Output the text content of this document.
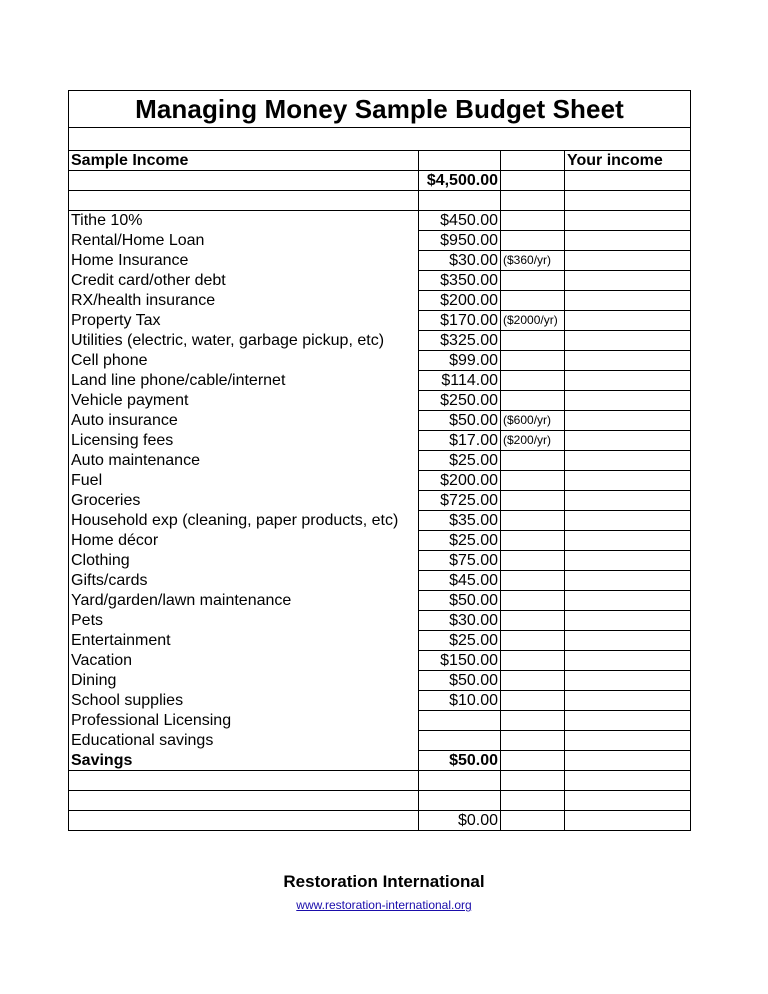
Managing Money Sample Budget Sheet
Sample Income			Your income
	$4,500.00		

Tithe 10%	$450.00		
Rental/Home Loan	$950.00		
Home Insurance	$30.00	($360/yr)	
Credit card/other debt	$350.00		
RX/health insurance	$200.00		
Property Tax	$170.00	($2000/yr)	
Utilities (electric, water, garbage pickup, etc)	$325.00		
Cell phone	$99.00		
Land line phone/cable/internet	$114.00		
Vehicle payment	$250.00		
Auto insurance	$50.00	($600/yr)	
Licensing fees	$17.00	($200/yr)	
Auto maintenance	$25.00		
Fuel	$200.00		
Groceries	$725.00		
Household exp (cleaning, paper products, etc)	$35.00		
Home décor	$25.00		
Clothing	$75.00		
Gifts/cards	$45.00		
Yard/garden/lawn maintenance	$50.00		
Pets	$30.00		
Entertainment	$25.00		
Vacation	$150.00		
Dining	$50.00		
School supplies	$10.00		
Professional Licensing			
Educational savings			
Savings	$50.00		

	$0.00		
Restoration International
www.restoration-international.org
